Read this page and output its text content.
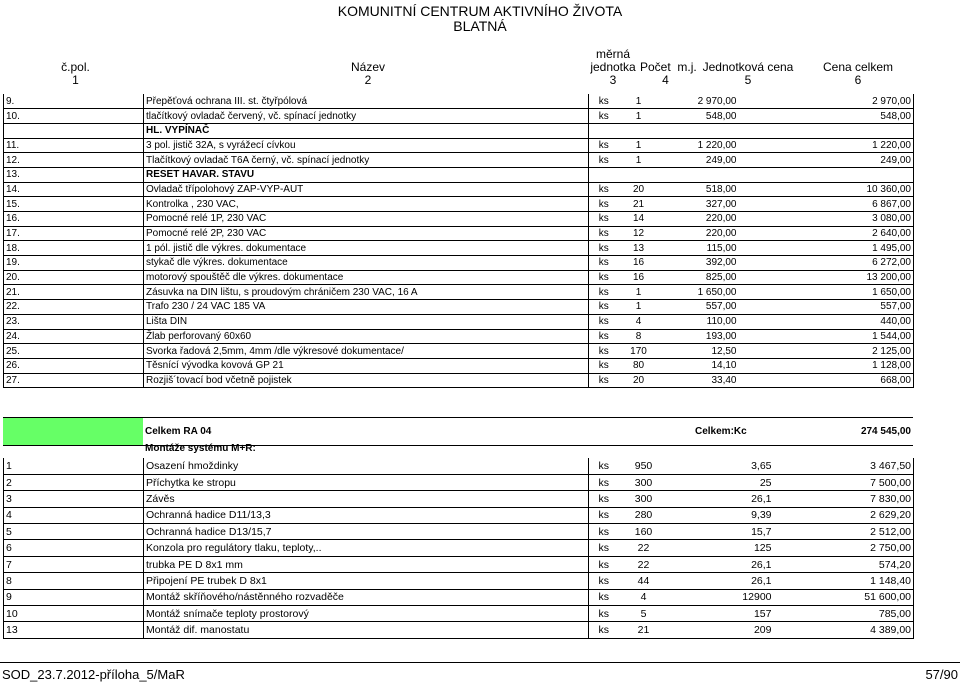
KOMUNITNÍ CENTRUM AKTIVNÍHO ŽIVOTA
BLATNÁ
č.pol.	Název	měrná
jednotka	Počet m.j.	Jednotková cena	Cena celkem
1	2	3	4	5	6
9.	Přepěťová ochrana III. st. čtyřpólová	ks	1	2 970,00	2 970,00
10.	tlačítkový ovladač červený, vč. spínací jednotky	ks	1	548,00	548,00
	HL. VYPÍNAČ				
11.	3 pol. jistič 32A, s vyrážecí cívkou	ks	1	1 220,00	1 220,00
12.	Tlačítkový ovladač T6A černý, vč. spínací jednotky	ks	1	249,00	249,00
13.	RESET HAVAR. STAVU				
14.	Ovladač třípolohový ZAP-VYP-AUT	ks	20	518,00	10 360,00
15.	Kontrolka , 230 VAC,	ks	21	327,00	6 867,00
16.	Pomocné relé 1P, 230 VAC	ks	14	220,00	3 080,00
17.	Pomocné relé 2P, 230 VAC	ks	12	220,00	2 640,00
18.	1 pól. jistič dle výkres. dokumentace	ks	13	115,00	1 495,00
19.	stykač dle výkres. dokumentace	ks	16	392,00	6 272,00
20.	motorový spouštěč dle výkres. dokumentace	ks	16	825,00	13 200,00
21.	Zásuvka na DIN lištu, s proudovým chráničem 230 VAC, 16 A	ks	1	1 650,00	1 650,00
22.	Trafo 230 / 24 VAC 185 VA	ks	1	557,00	557,00
23.	Lišta DIN	ks	4	110,00	440,00
24.	Žlab perforovaný 60x60	ks	8	193,00	1 544,00
25.	Svorka řadová 2,5mm, 4mm /dle výkresové dokumentace/	ks	170	12,50	2 125,00
26.	Těsnící vývodka kovová GP 21	ks	80	14,10	1 128,00
27.	Rozjiš´tovací bod včetně pojistek	ks	20	33,40	668,00
	Celkem RA 04		Celkem:Kc	274 545,00
	Montáže systému M+R:
1	Osazení hmoždinky	ks	950	3,65	3 467,50
2	Příchytka ke stropu	ks	300	25	7 500,00
3	Závěs	ks	300	26,1	7 830,00
4	Ochranná hadice D11/13,3	ks	280	9,39	2 629,20
5	Ochranná hadice D13/15,7	ks	160	15,7	2 512,00
6	Konzola pro regulátory tlaku, teploty,..	ks	22	125	2 750,00
7	trubka PE D 8x1 mm	ks	22	26,1	574,20
8	Připojení PE trubek D 8x1	ks	44	26,1	1 148,40
9	Montáž skříňového/nástěnného rozvaděče	ks	4	12900	51 600,00
10	Montáž snímače teploty prostorový	ks	5	157	785,00
13	Montáž dif. manostatu	ks	21	209	4 389,00
SOD_23.7.2012-příloha_5/MaR	57/90
